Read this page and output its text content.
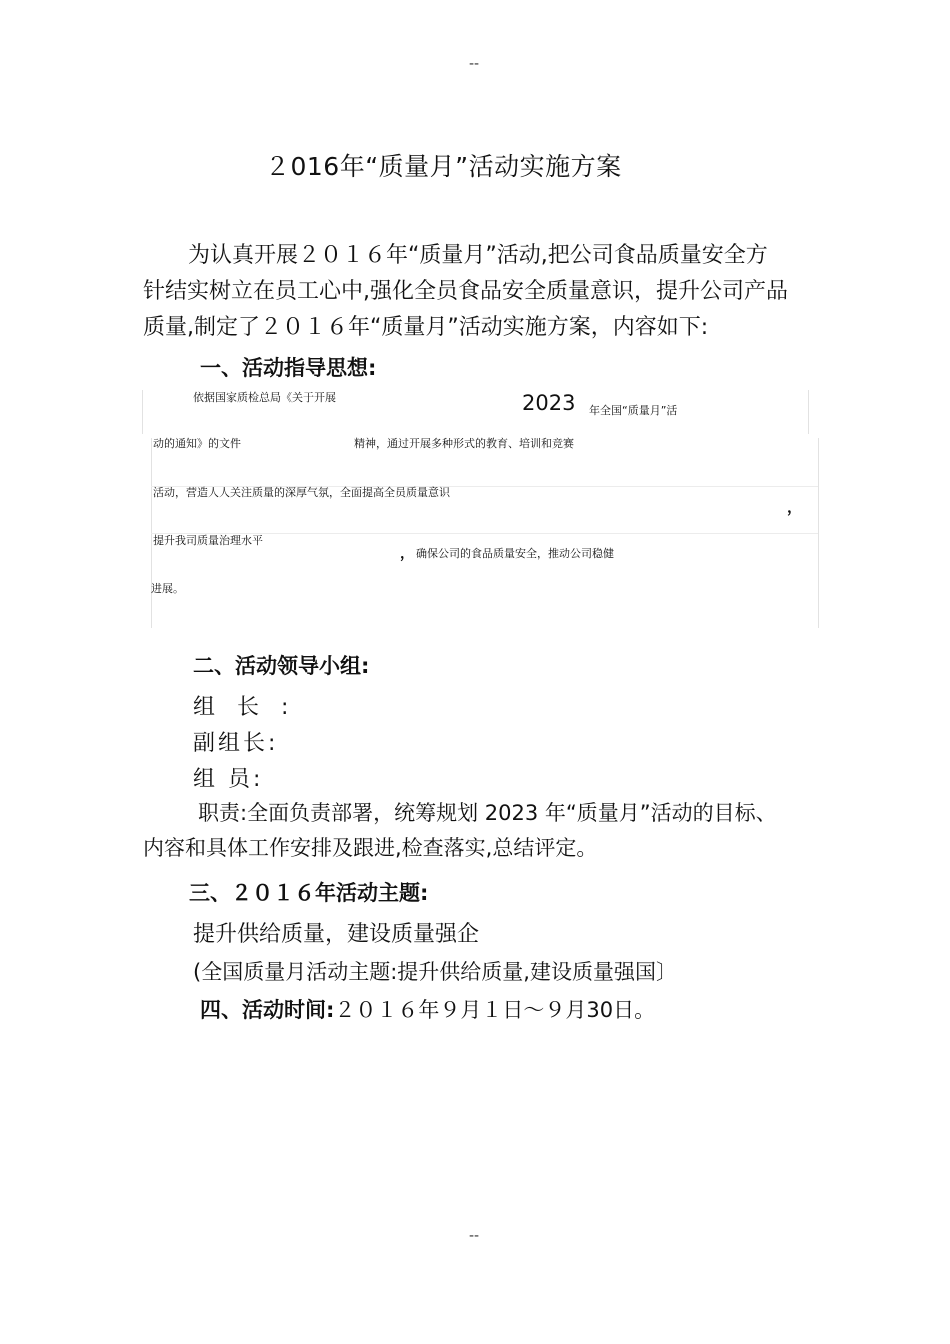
--
２016年“质量月”活动实施方案
为认真开展２０１６年“质量月”活动,把公司食品质量安全方
针结实树立在员工心中,强化全员食品安全质量意识，提升公司产品
质量,制定了２０１６年“质量月”活动实施方案，内容如下:
一、活动指导思想:
依据国家质检总局《关于开展	2023 年全国“质量月”活
动的通知》的文件	精神，通过开展多种形式的教育、培训和竞赛
活动，营造人人关注质量的深厚气氛，全面提高全员质量意识
，
提升我司质量治理水平
， 确保公司的食品质量安全，推动公司稳健
进展。
二、活动领导小组:
组　长　:
副组长:
组 员:
职责:全面负责部署，统筹规划 2023 年“质量月”活动的目标、
内容和具体工作安排及跟进,检查落实,总结评定。
三、２０１６年活动主题:
提升供给质量，建设质量强企
(全国质量月活动主题:提升供给质量,建设质量强国〕
四、活动时间:２０１６年９月１日～９月30日。
--
